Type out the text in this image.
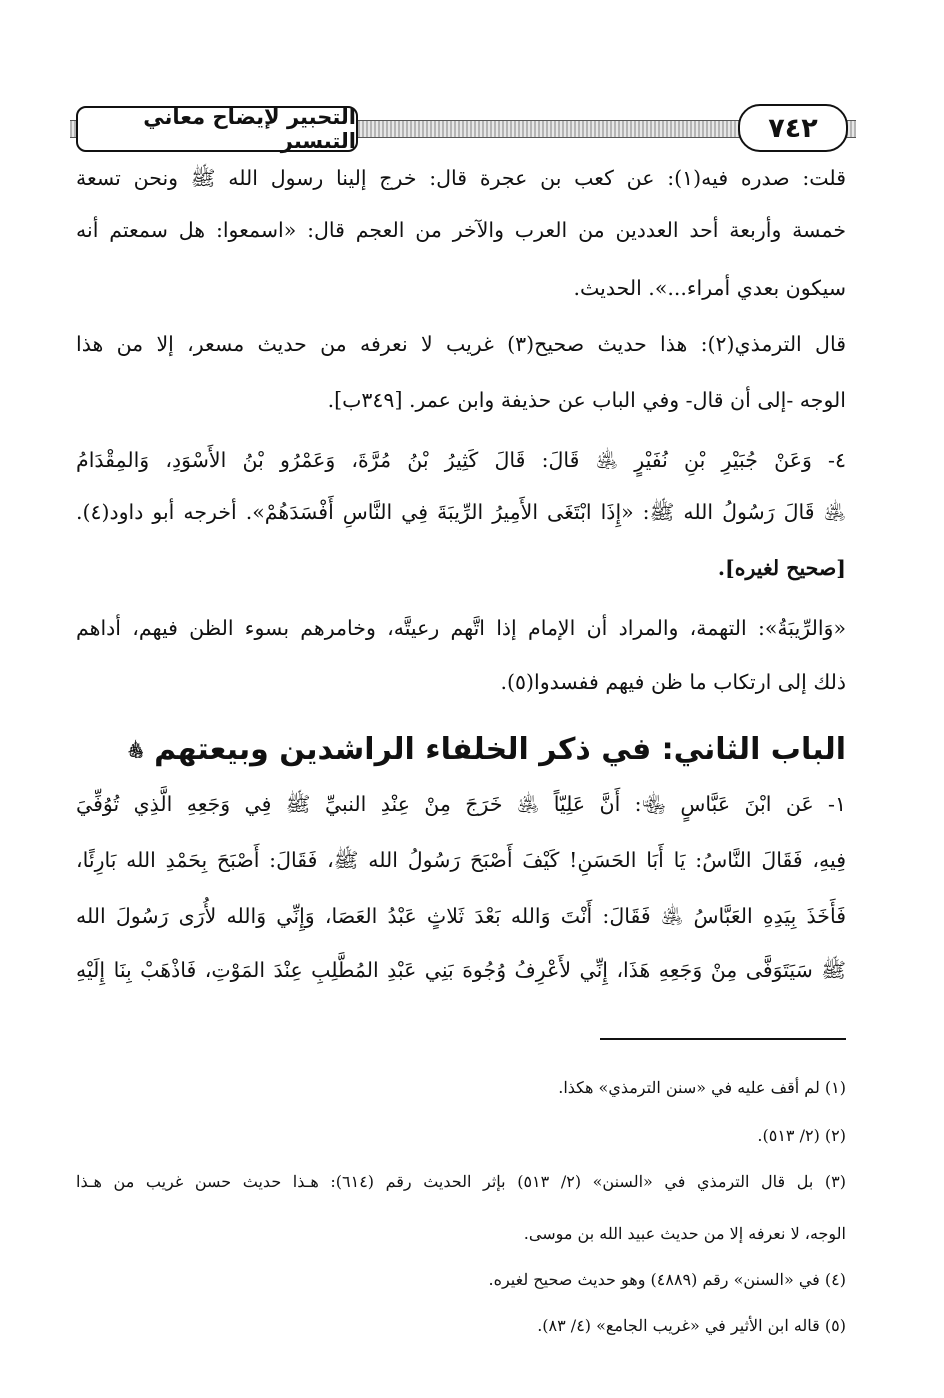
التحبير لإيضاح معاني التيسير	٧٤٢
قلت: صدره فيه(١): عن كعب بن عجرة قال: خرج إلينا رسول الله ﷺ ونحن تسعة
خمسة وأربعة أحد العددين من العرب والآخر من العجم قال: «اسمعوا: هل سمعتم أنه
سيكون بعدي أمراء...». الحديث.
قال الترمذي(٢): هذا حديث صحيح(٣) غريب لا نعرفه من حديث مسعر، إلا من هذا
الوجه -إلى أن قال- وفي الباب عن حذيفة وابن عمر. [٣٤٩ب].
٤- وَعَنْ جُبَيْرِ بْنِ نُفَيْرٍ ﵁ قَالَ: قَالَ كَثِيرُ بْنُ مُرَّةَ، وَعَمْرُو بْنُ الأَسْوَدِ، وَالمِقْدَامُ
﵁ قَالَ رَسُولُ الله ﷺ: «إِذَا ابْتَغَى الأَمِيرُ الرِّيبَةَ فِي النَّاسِ أَفْسَدَهُمْ». أخرجه أبو داود(٤).
[صحيح لغيره].
«وَالرِّيبَةُ»: التهمة، والمراد أن الإمام إذا اتَّهم رعيتَّه، وخامرهم بسوء الظن فيهم، أداهم
ذلك إلى ارتكاب ما ظن فيهم ففسدوا(٥).
الباب الثاني: في ذكر الخلفاء الراشدين وبيعتهم ﵃
١- عَن ابْنَ عَبَّاسٍ ﵄: أَنَّ عَلِيّاً ﵁ خَرَجَ مِنْ عِنْدِ النبيِّ ﷺ فِي وَجَعِهِ الَّذِي تُوُفِّيَ
فِيهِ، فَقَالَ النَّاسُ: يَا أَبَا الحَسَنِ! كَيْفَ أَصْبَحَ رَسُولُ الله ﷺ، فَقَالَ: أَصْبَحَ بِحَمْدِ الله بَارِئًا،
فَأَخَذَ بِيَدِهِ العَبَّاسُ ﵁ فَقَالَ: أَنْتَ وَالله بَعْدَ ثَلاثٍ عَبْدُ العَصَا، وَإِنِّي وَالله لأُرَى رَسُولَ الله
ﷺ سَيَتَوَفَّى مِنْ وَجَعِهِ هَذَا، إِنِّي لأَعْرِفُ وُجُوهَ بَنِي عَبْدِ المُطَّلِبِ عِنْدَ المَوْتِ، فَاذْهَبْ بِنَا إِلَيْهِ
(١) لم أقف عليه في «سنن الترمذي» هكذا.
(٢) (٢/ ٥١٣).
(٣) بل قال الترمذي في «السنن» (٢/ ٥١٣) بإثر الحديث رقم (٦١٤): هـذا حديث حسن غريب من هـذا
الوجه، لا نعرفه إلا من حديث عبيد الله بن موسى.
(٤) في «السنن» رقم (٤٨٨٩) وهو حديث صحيح لغيره.
(٥) قاله ابن الأثير في «غريب الجامع» (٤/ ٨٣).
